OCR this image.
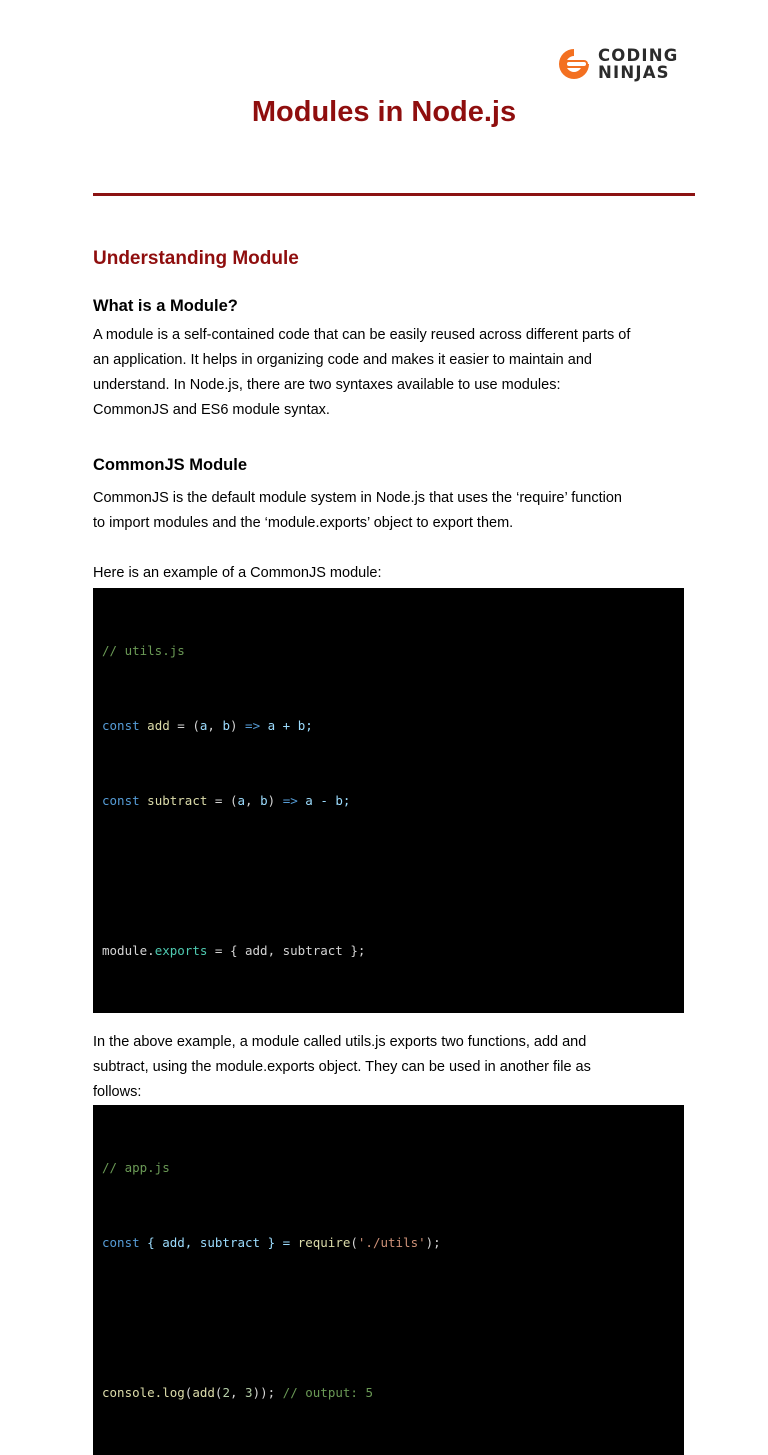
CODING
NINJAS
Modules in Node.js
Understanding Module
What is a Module?

A module is a self-contained code that can be easily reused across different parts of

an application. It helps in organizing code and makes it easier to maintain and

understand. In Node.js, there are two syntaxes available to use modules:

CommonJS and ES6 module syntax.

CommonJS Module

CommonJS is the default module system in Node.js that uses the ‘require’ function

to import modules and the ‘module.exports’ object to export them.

Here is an example of a CommonJS module:

// utils.js

const add = (a, b) => a + b;

const subtract = (a, b) => a - b;

module.exports = { add, subtract };

In the above example, a module called utils.js exports two functions, add and

subtract, using the module.exports object. They can be used in another file as

follows:

// app.js

const { add, subtract } = require('./utils');

console.log(add(2, 3)); // output: 5
